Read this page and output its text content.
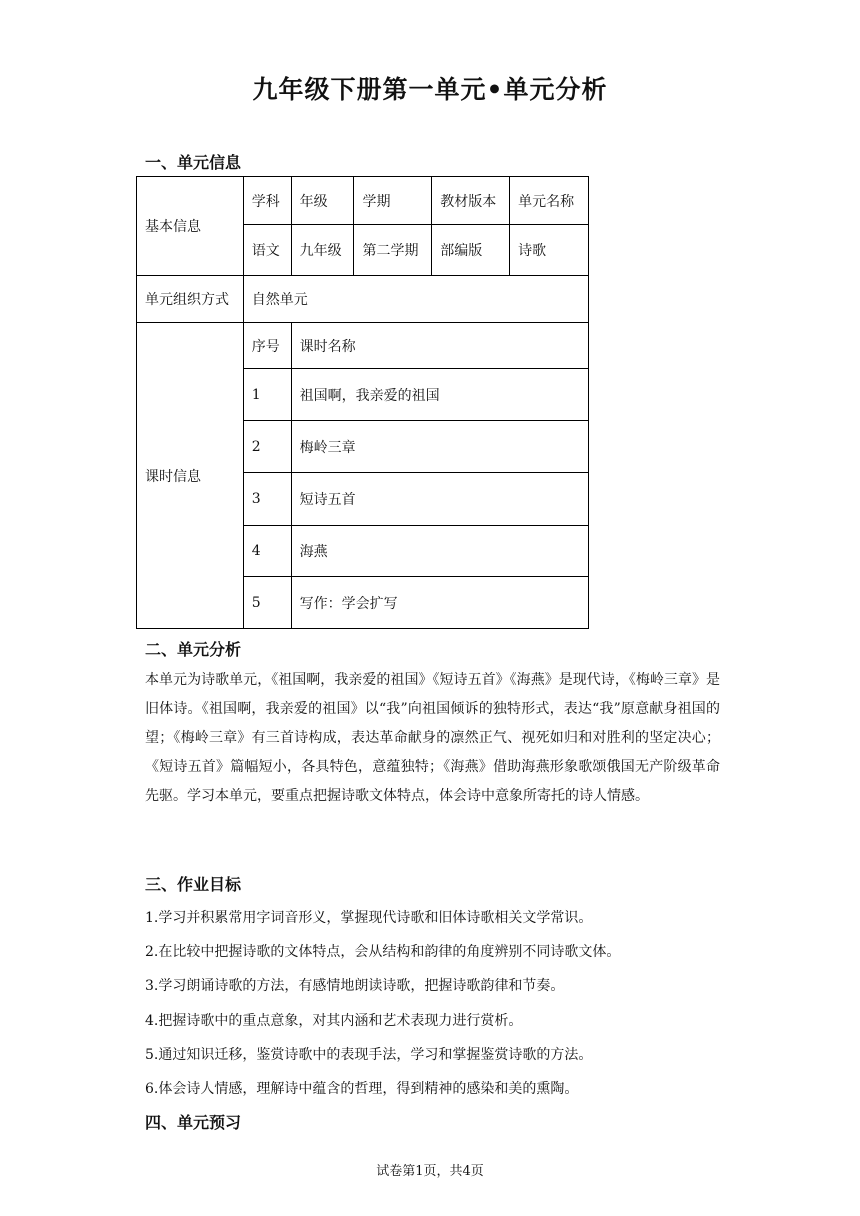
九年级下册第一单元•单元分析
一、单元信息
基本信息	学科	年级	学期	教材版本	单元名称
	语文	九年级	第二学期	部编版	诗歌
单元组织方式	自然单元				
课时信息	序号	课时名称			
	1	祖国啊，我亲爱的祖国			
	2	梅岭三章			
	3	短诗五首			
	4	海燕			
	5	写作：学会扩写			
二、单元分析
本单元为诗歌单元，《祖国啊，我亲爱的祖国》《短诗五首》《海燕》是现代诗，《梅岭三章》是旧体诗。《祖国啊，我亲爱的祖国》以“我”向祖国倾诉的独特形式，表达“我”原意献身祖国的望；《梅岭三章》有三首诗构成，表达革命献身的凛然正气、视死如归和对胜利的坚定决心；《短诗五首》篇幅短小，各具特色，意蕴独特；《海燕》借助海燕形象歌颂俄国无产阶级革命先驱。学习本单元，要重点把握诗歌文体特点，体会诗中意象所寄托的诗人情感。
三、作业目标
1.学习并积累常用字词音形义，掌握现代诗歌和旧体诗歌相关文学常识。
2.在比较中把握诗歌的文体特点，会从结构和韵律的角度辨别不同诗歌文体。
3.学习朗诵诗歌的方法，有感情地朗读诗歌，把握诗歌韵律和节奏。
4.把握诗歌中的重点意象，对其内涵和艺术表现力进行赏析。
5.通过知识迁移，鉴赏诗歌中的表现手法，学习和掌握鉴赏诗歌的方法。
6.体会诗人情感，理解诗中蕴含的哲理，得到精神的感染和美的熏陶。
四、单元预习
试卷第1页，共4页
